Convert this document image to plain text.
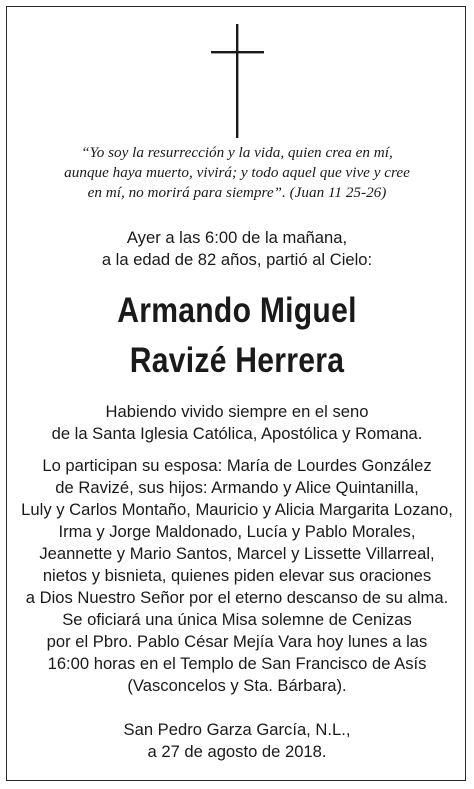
“Yo soy la resurrección y la vida, quien crea en mí,
aunque haya muerto, vivirá; y todo aquel que vive y cree
en mí, no morirá para siempre”. (Juan 11 25-26)
Ayer a las 6:00 de la mañana,
a la edad de 82 años, partió al Cielo:
Armando Miguel
Ravizé Herrera
Habiendo vivido siempre en el seno
de la Santa Iglesia Católica, Apostólica y Romana.
Lo participan su esposa: María de Lourdes González
de Ravizé, sus hijos: Armando y Alice Quintanilla,
Luly y Carlos Montaño, Mauricio y Alicia Margarita Lozano,
Irma y Jorge Maldonado, Lucía y Pablo Morales,
Jeannette y Mario Santos, Marcel y Lissette Villarreal,
nietos y bisnieta, quienes piden elevar sus oraciones
a Dios Nuestro Señor por el eterno descanso de su alma.
Se oficiará una única Misa solemne de Cenizas
por el Pbro. Pablo César Mejía Vara hoy lunes a las
16:00 horas en el Templo de San Francisco de Asís
(Vasconcelos y Sta. Bárbara).
San Pedro Garza García, N.L.,
a 27 de agosto de 2018.
